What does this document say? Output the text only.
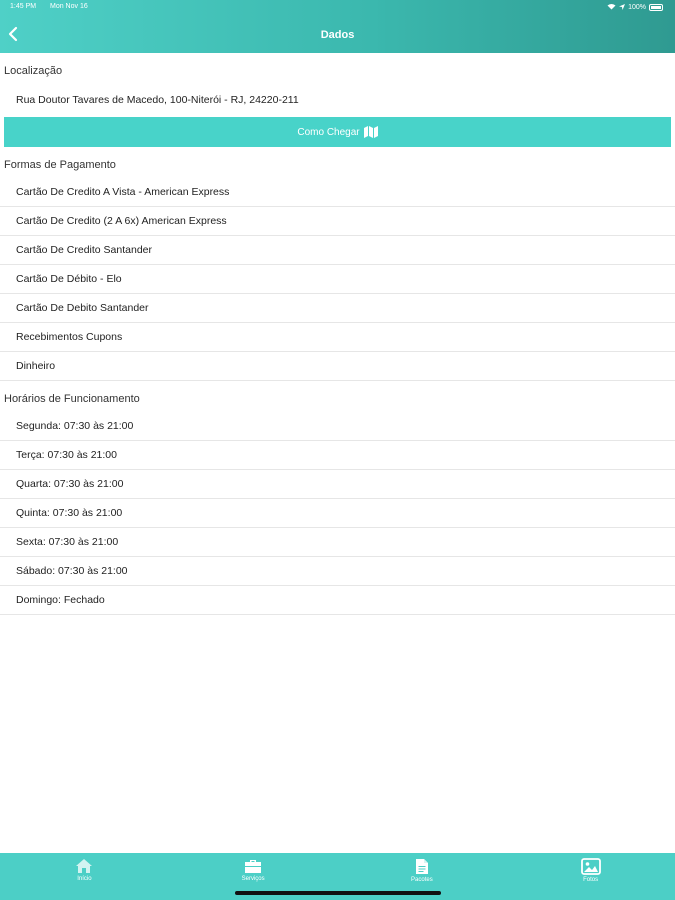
1:45 PM Mon Nov 16	100%
Dados
Localização
Rua Doutor Tavares de Macedo, 100-Niterói - RJ, 24220-211
Como Chegar
Formas de Pagamento
Cartão De Credito A Vista - American Express
Cartão De Credito (2 A 6x) American Express
Cartão De Credito Santander
Cartão De Débito - Elo
Cartão De Debito Santander
Recebimentos Cupons
Dinheiro
Horários de Funcionamento
Segunda: 07:30 às 21:00
Terça: 07:30 às 21:00
Quarta: 07:30 às 21:00
Quinta: 07:30 às 21:00
Sexta: 07:30 às 21:00
Sábado: 07:30 às 21:00
Domingo: Fechado
Início	Serviços	Pacotes	Fotos
